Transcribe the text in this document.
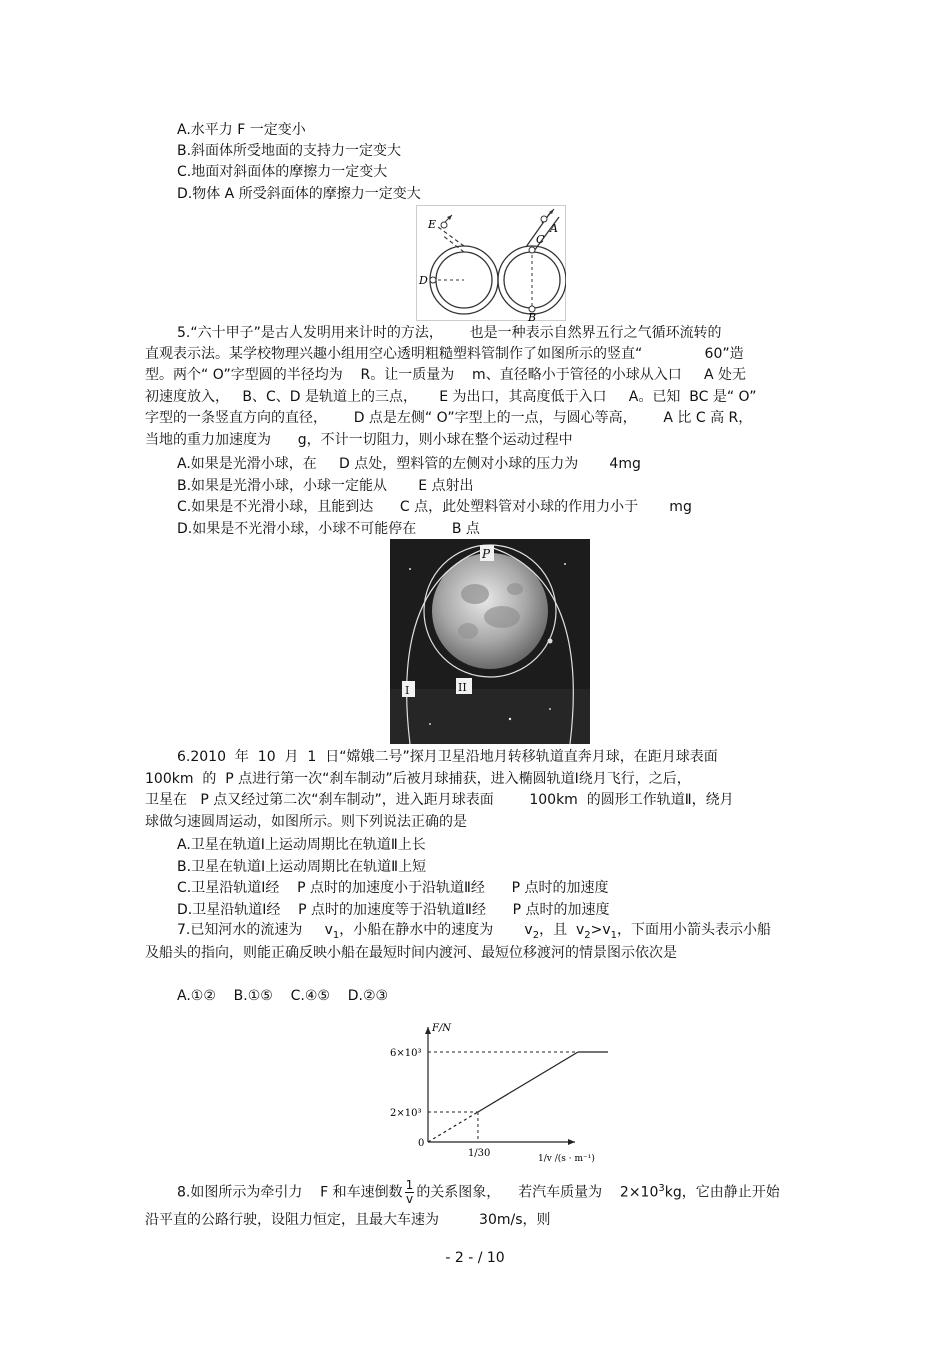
A.水平力 F 一定变小
B.斜面体所受地面的支持力一定变大
C.地面对斜面体的摩擦力一定变大
D.物体 A 所受斜面体的摩擦力一定变大
E	A
C
D
B
5.“六十甲子”是古人发明用来计时的方法，      也是一种表示自然界五行之气循环流转的
直观表示法。某学校物理兴趣小组用空心透明粗糙塑料管制作了如图所示的竖直“              60”造
型。两个“ O”字型圆的半径均为    R。让一质量为    m、直径略小于管径的小球从入口     A 处无
初速度放入，   B、C、D 是轨道上的三点，     E 为出口，其高度低于入口     A。已知  BC 是“ O”
字型的一条竖直方向的直径，      D 点是左侧“ O”字型上的一点，与圆心等高，      A 比 C 高 R，
当地的重力加速度为      g，不计一切阻力，则小球在整个运动过程中
A.如果是光滑小球，在     D 点处，塑料管的左侧对小球的压力为       4mg
B.如果是光滑小球，小球一定能从       E 点射出
C.如果是不光滑小球，且能到达      C 点，此处塑料管对小球的作用力小于       mg
D.如果是不光滑小球，小球不可能停在        B 点
P
I	II
6.2010  年  10  月  1  日“嫦娥二号”探月卫星沿地月转移轨道直奔月球，在距月球表面
100km  的  P 点进行第一次“刹车制动”后被月球捕获，进入椭圆轨道Ⅰ绕月飞行，之后，
卫星在   P 点又经过第二次“刹车制动”，进入距月球表面        100km  的圆形工作轨道Ⅱ，绕月
球做匀速圆周运动，如图所示。则下列说法正确的是
A.卫星在轨道Ⅰ上运动周期比在轨道Ⅱ上长
B.卫星在轨道Ⅰ上运动周期比在轨道Ⅱ上短
C.卫星沿轨道Ⅰ经    P 点时的加速度小于沿轨道Ⅱ经      P 点时的加速度
D.卫星沿轨道Ⅰ经    P 点时的加速度等于沿轨道Ⅱ经      P 点时的加速度
7.已知河水的流速为     $v_1$，小船在静水中的速度为       $v_2$，且  $v_2>v_1$，下面用小箭头表示小船
及船头的指向，则能正确反映小船在最短时间内渡河、最短位移渡河的情景图示依次是
A.①②    B.①⑤    C.④⑤    D.②③
F/N
1/v /(s · m⁻¹)
2×10³
6×10³
0
1/30
8.如图所示为牵引力    F 和车速倒数 $\frac{1}{v}$ 的关系图象，    若汽车质量为    $2\times 10^3kg$，它由静止开始
沿平直的公路行驶，设阻力恒定，且最大车速为         30m/s，则
- 2 - / 10
